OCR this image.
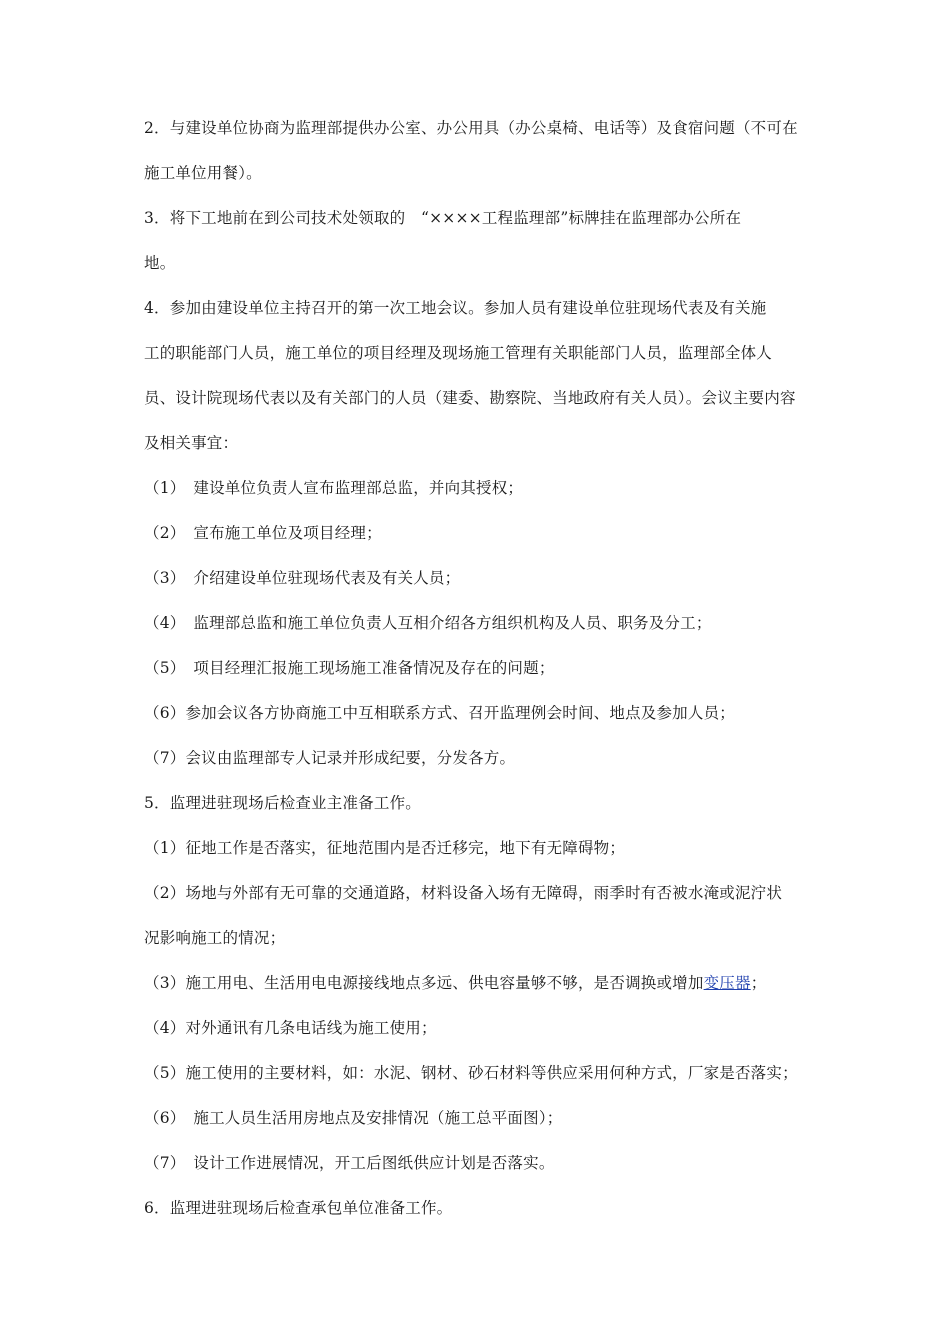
2．与建设单位协商为监理部提供办公室、办公用具（办公桌椅、电话等）及食宿问题（不可在
施工单位用餐）。
3．将下工地前在到公司技术处领取的　“××××工程监理部”标牌挂在监理部办公所在
地。
4．参加由建设单位主持召开的第一次工地会议。参加人员有建设单位驻现场代表及有关施
工的职能部门人员，施工单位的项目经理及现场施工管理有关职能部门人员，监理部全体人
员、设计院现场代表以及有关部门的人员（建委、勘察院、当地政府有关人员）。会议主要内容
及相关事宜：
（1）　建设单位负责人宣布监理部总监，并向其授权；
（2）　宣布施工单位及项目经理；
（3）　介绍建设单位驻现场代表及有关人员；
（4）　监理部总监和施工单位负责人互相介绍各方组织机构及人员、职务及分工；
（5）　项目经理汇报施工现场施工准备情况及存在的问题；
（6）参加会议各方协商施工中互相联系方式、召开监理例会时间、地点及参加人员；
（7）会议由监理部专人记录并形成纪要，分发各方。
5．监理进驻现场后检查业主准备工作。
（1）征地工作是否落实，征地范围内是否迁移完，地下有无障碍物；
（2）场地与外部有无可靠的交通道路，材料设备入场有无障碍，雨季时有否被水淹或泥泞状
况影响施工的情况；
（3）施工用电、生活用电电源接线地点多远、供电容量够不够，是否调换或增加变压器；
（4）对外通讯有几条电话线为施工使用；
（5）施工使用的主要材料，如：水泥、钢材、砂石材料等供应采用何种方式，厂家是否落实；
（6）　施工人员生活用房地点及安排情况（施工总平面图）；
（7）　设计工作进展情况，开工后图纸供应计划是否落实。
6．监理进驻现场后检查承包单位准备工作。
